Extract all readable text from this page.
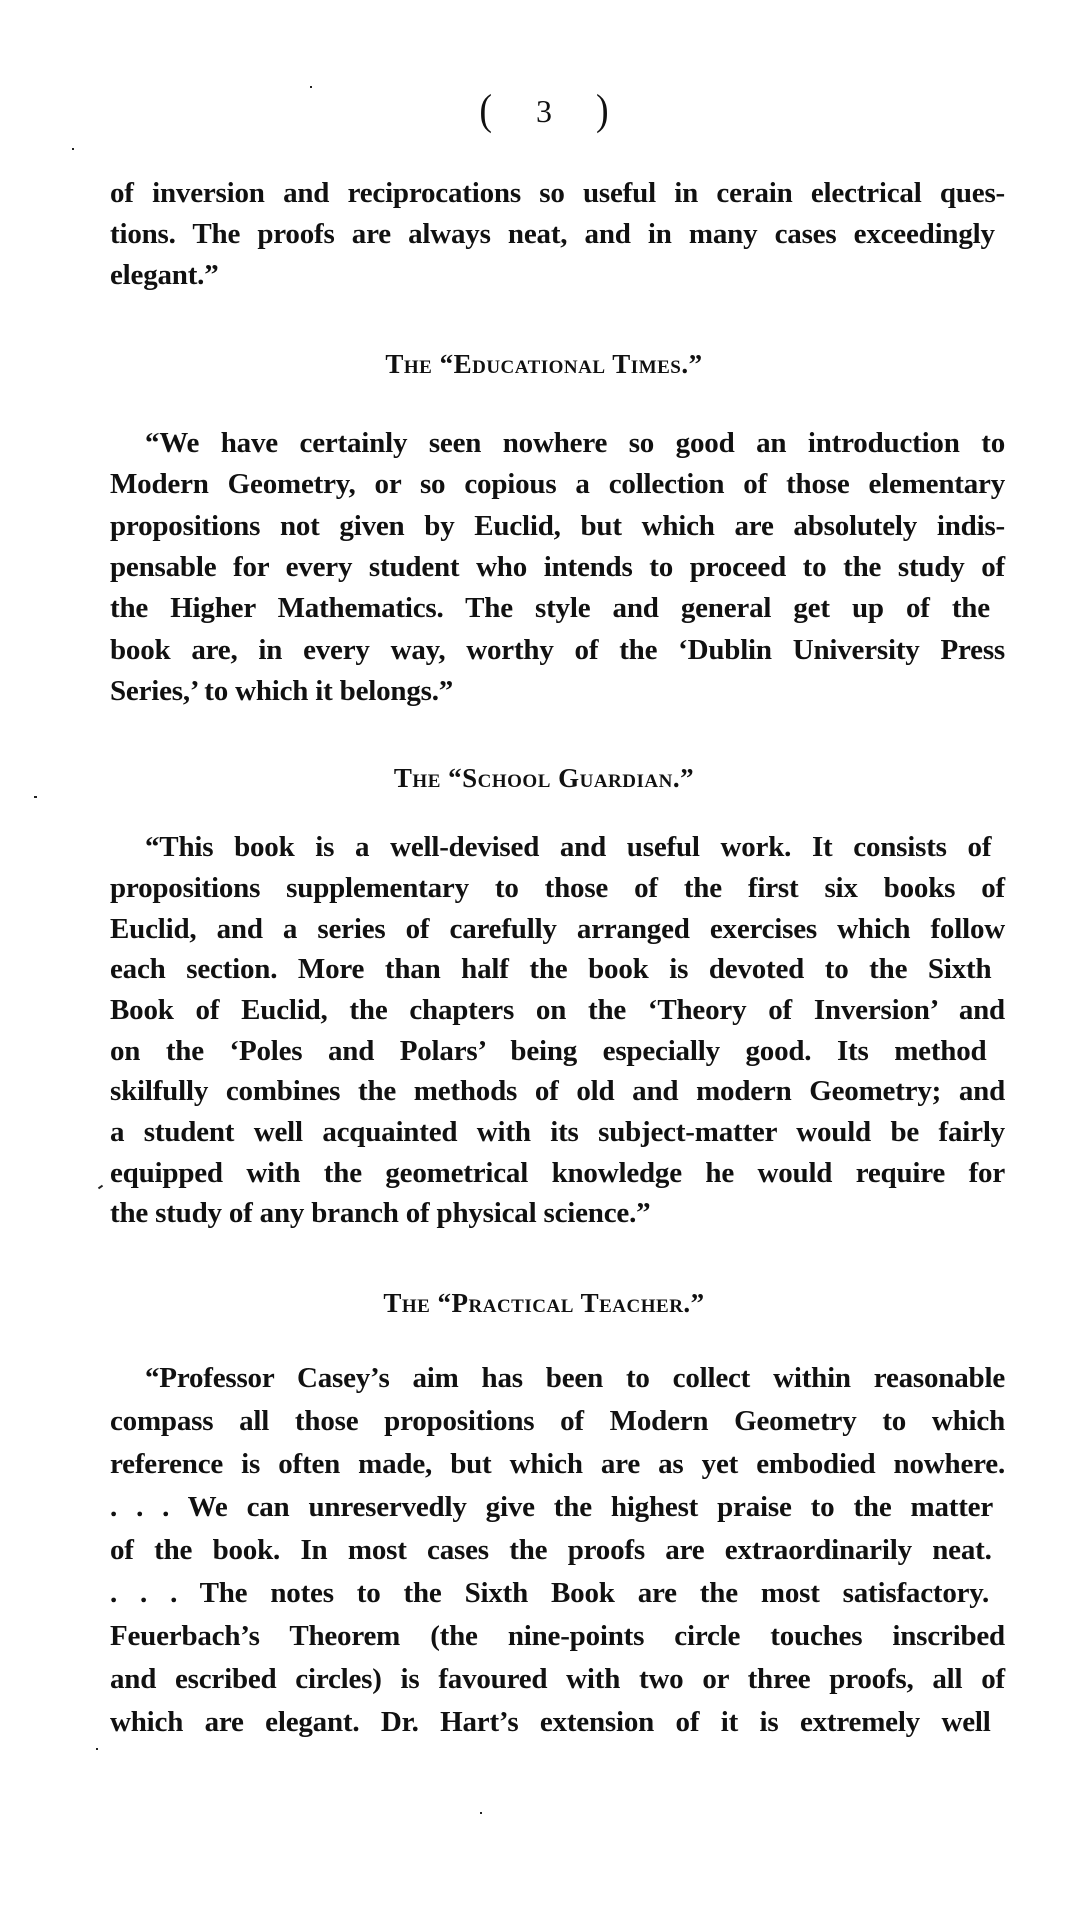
( 3 )
of inversion and reciprocations so useful in cerain electrical ques-
tions. The proofs are always neat, and in many cases exceedingly
elegant.”
The “Educational Times.”
“We have certainly seen nowhere so good an introduction to
Modern Geometry, or so copious a collection of those elementary
propositions not given by Euclid, but which are absolutely indis-
pensable for every student who intends to proceed to the study of
the Higher Mathematics. The style and general get up of the
book are, in every way, worthy of the ‘Dublin University Press
Series,’ to which it belongs.”
The “School Guardian.”
“This book is a well-devised and useful work. It consists of
propositions supplementary to those of the first six books of
Euclid, and a series of carefully arranged exercises which follow
each section. More than half the book is devoted to the Sixth
Book of Euclid, the chapters on the ‘Theory of Inversion’ and
on the ‘Poles and Polars’ being especially good. Its method
skilfully combines the methods of old and modern Geometry; and
a student well acquainted with its subject-matter would be fairly
equipped with the geometrical knowledge he would require for
the study of any branch of physical science.”
The “Practical Teacher.”
“Professor Casey’s aim has been to collect within reasonable
compass all those propositions of Modern Geometry to which
reference is often made, but which are as yet embodied nowhere.
. . . We can unreservedly give the highest praise to the matter
of the book. In most cases the proofs are extraordinarily neat.
. . . The notes to the Sixth Book are the most satisfactory.
Feuerbach’s Theorem (the nine-points circle touches inscribed
and escribed circles) is favoured with two or three proofs, all of
which are elegant. Dr. Hart’s extension of it is extremely well
